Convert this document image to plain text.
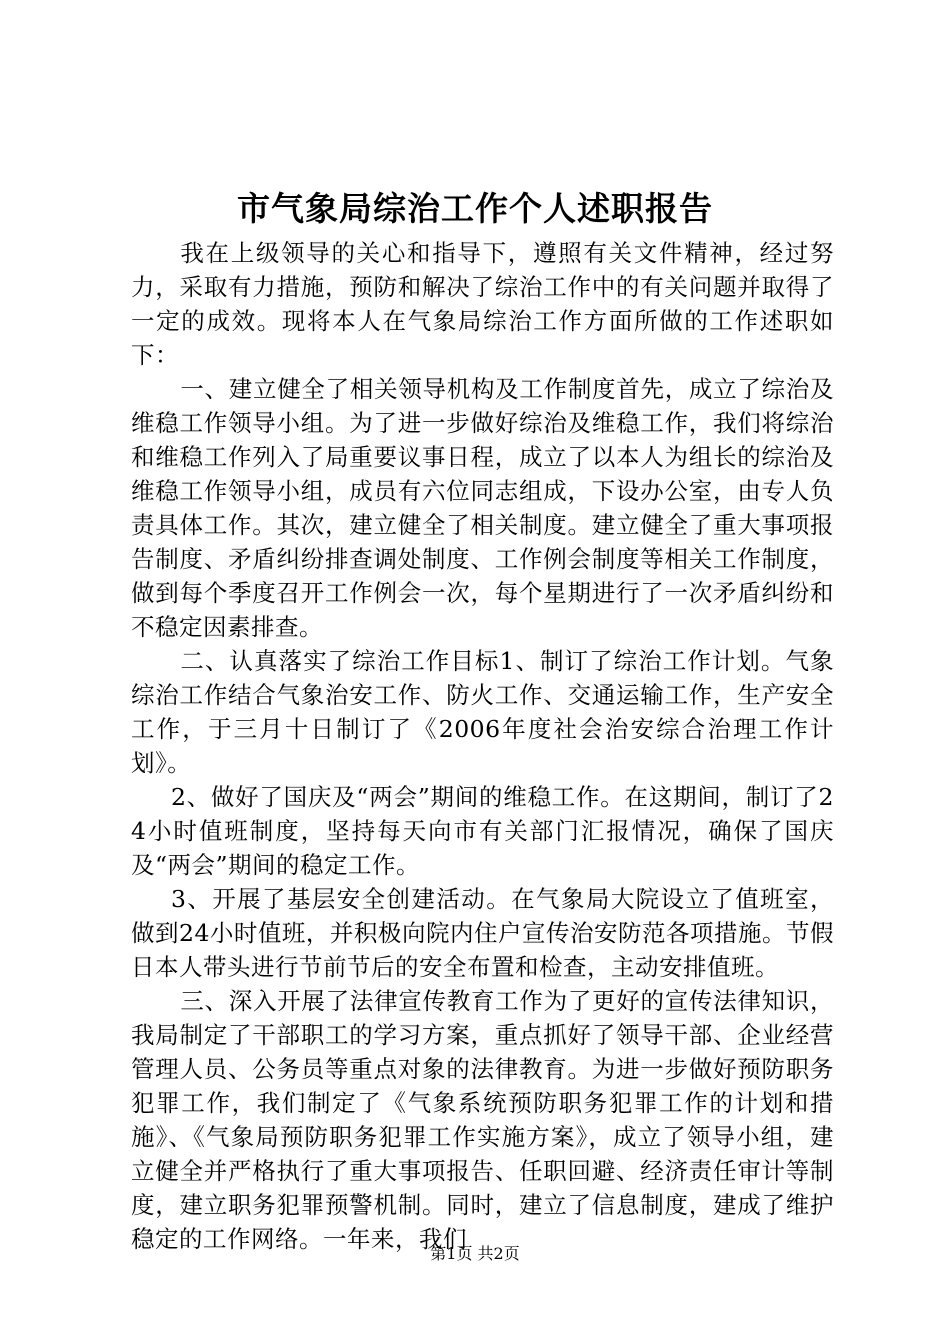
市气象局综治工作个人述职报告

我在上级领导的关心和指导下，遵照有关文件精神，经过努力，采取有力措施，预防和解决了综治工作中的有关问题并取得了一定的成效。现将本人在气象局综治工作方面所做的工作述职如下：

一、建立健全了相关领导机构及工作制度首先，成立了综治及维稳工作领导小组。为了进一步做好综治及维稳工作，我们将综治和维稳工作列入了局重要议事日程，成立了以本人为组长的综治及维稳工作领导小组，成员有六位同志组成，下设办公室，由专人负责具体工作。其次，建立健全了相关制度。建立健全了重大事项报告制度、矛盾纠纷排查调处制度、工作例会制度等相关工作制度，做到每个季度召开工作例会一次，每个星期进行了一次矛盾纠纷和不稳定因素排查。

二、认真落实了综治工作目标1、制订了综治工作计划。气象综治工作结合气象治安工作、防火工作、交通运输工作，生产安全工作，于三月十日制订了《2006年度社会治安综合治理工作计划》。

2、做好了国庆及“两会”期间的维稳工作。在这期间，制订了24小时值班制度，坚持每天向市有关部门汇报情况，确保了国庆及“两会”期间的稳定工作。

3、开展了基层安全创建活动。在气象局大院设立了值班室，做到24小时值班，并积极向院内住户宣传治安防范各项措施。节假日本人带头进行节前节后的安全布置和检查，主动安排值班。

三、深入开展了法律宣传教育工作为了更好的宣传法律知识，我局制定了干部职工的学习方案，重点抓好了领导干部、企业经营管理人员、公务员等重点对象的法律教育。为进一步做好预防职务犯罪工作，我们制定了《气象系统预防职务犯罪工作的计划和措施》、《气象局预防职务犯罪工作实施方案》，成立了领导小组，建立健全并严格执行了重大事项报告、任职回避、经济责任审计等制度，建立职务犯罪预警机制。同时，建立了信息制度，建成了维护稳定的工作网络。一年来，我们

第1页 共2页
